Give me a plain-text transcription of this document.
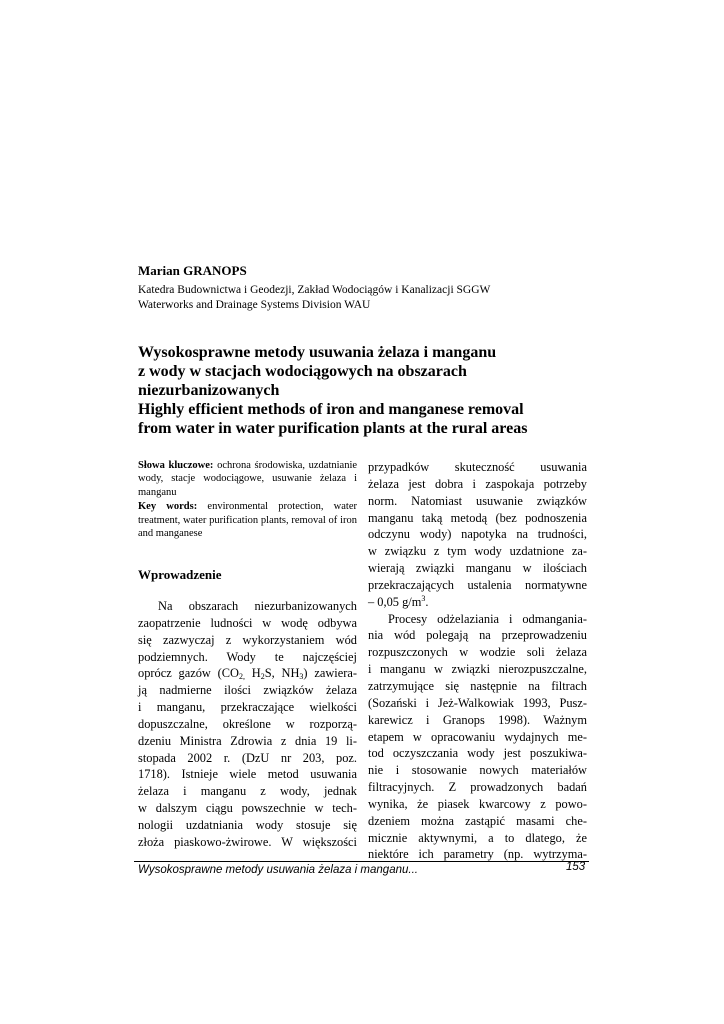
Marian GRANOPS

Katedra Budownictwa i Geodezji, Zakład Wodociągów i Kanalizacji SGGW
Waterworks and Drainage Systems Division WAU
Wysokosprawne metody usuwania żelaza i manganu
z wody w stacjach wodociągowych na obszarach
niezurbanizowanych
Highly efficient methods of iron and manganese removal
from water in water purification plants at the rural areas

Słowa kluczowe: ochrona środowiska, uzdatnianie wody, stacje wodociągowe, usuwanie żelaza i manganu

Key words: environmental protection, water treatment, water purification plants, removal of iron and manganese

Wprowadzenie

Na obszarach niezurbanizowanych
zaopatrzenie ludności w wodę odbywa
się zazwyczaj z wykorzystaniem wód
podziemnych. Wody te najczęściej
oprócz gazów ($CO_{2,}$ $H_2S$, $NH_3$) zawiera-
ją nadmierne ilości związków żelaza
i manganu, przekraczające wielkości
dopuszczalne, określone w rozporzą-
dzeniu Ministra Zdrowia z dnia 19 li-
stopada 2002 r. (DzU nr 203, poz.
1718). Istnieje wiele metod usuwania
żelaza i manganu z wody, jednak
w dalszym ciągu powszechnie w tech-
nologii uzdatniania wody stosuje się
złoża piaskowo-żwirowe. W większości
przypadków skuteczność usuwania
żelaza jest dobra i zaspokaja potrzeby
norm. Natomiast usuwanie związków
manganu taką metodą (bez podnoszenia
odczynu wody) napotyka na trudności,
w związku z tym wody uzdatnione za-
wierają związki manganu w ilościach
przekraczających ustalenia normatywne
– 0,05 $g/m^3$.
Procesy odżelaziania i odmangania-
nia wód polegają na przeprowadzeniu
rozpuszczonych w wodzie soli żelaza
i manganu w związki nierozpuszczalne,
zatrzymujące się następnie na filtrach
(Sozański i Jeż-Walkowiak 1993, Pusz-
karewicz i Granops 1998). Ważnym
etapem w opracowaniu wydajnych me-
tod oczyszczania wody jest poszukiwa-
nie i stosowanie nowych materiałów
filtracyjnych. Z prowadzonych badań
wynika, że piasek kwarcowy z powo-
dzeniem można zastąpić masami che-
micznie aktywnymi, a to dlatego, że
niektóre ich parametry (np. wytrzyma-

Wysokosprawne metody usuwania żelaza i manganu...	153
